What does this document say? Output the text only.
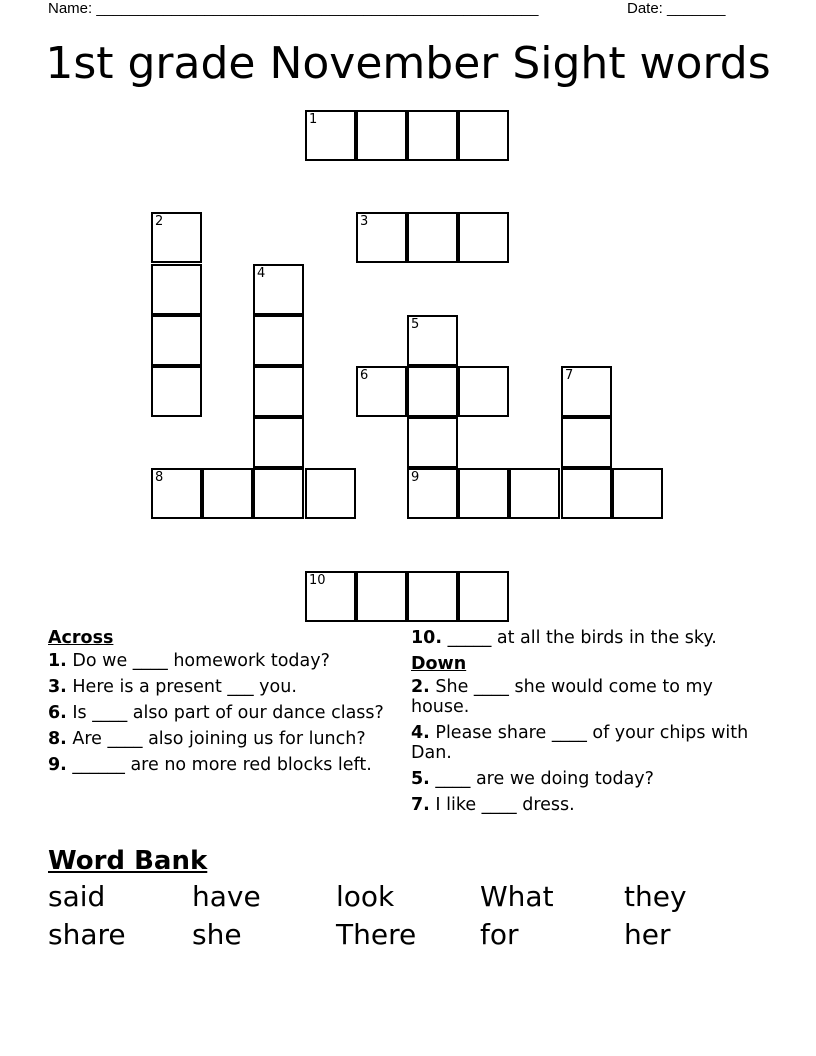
Name: _____________________________________________________	Date: _______
1st grade November Sight words
1
2	3
4
5
6	7
8	9
10
Across
1. Do we ____ homework today?
3. Here is a present ___ you.
6. Is ____ also part of our dance class?
8. Are ____ also joining us for lunch?
9. ______ are no more red blocks left.
10. _____ at all the birds in the sky.
Down
2. She ____ she would come to my house.
4. Please share ____ of your chips with Dan.
5. ____ are we doing today?
7. I like ____ dress.
Word Bank
said	have	look	What	they
share	she	There	for	her
